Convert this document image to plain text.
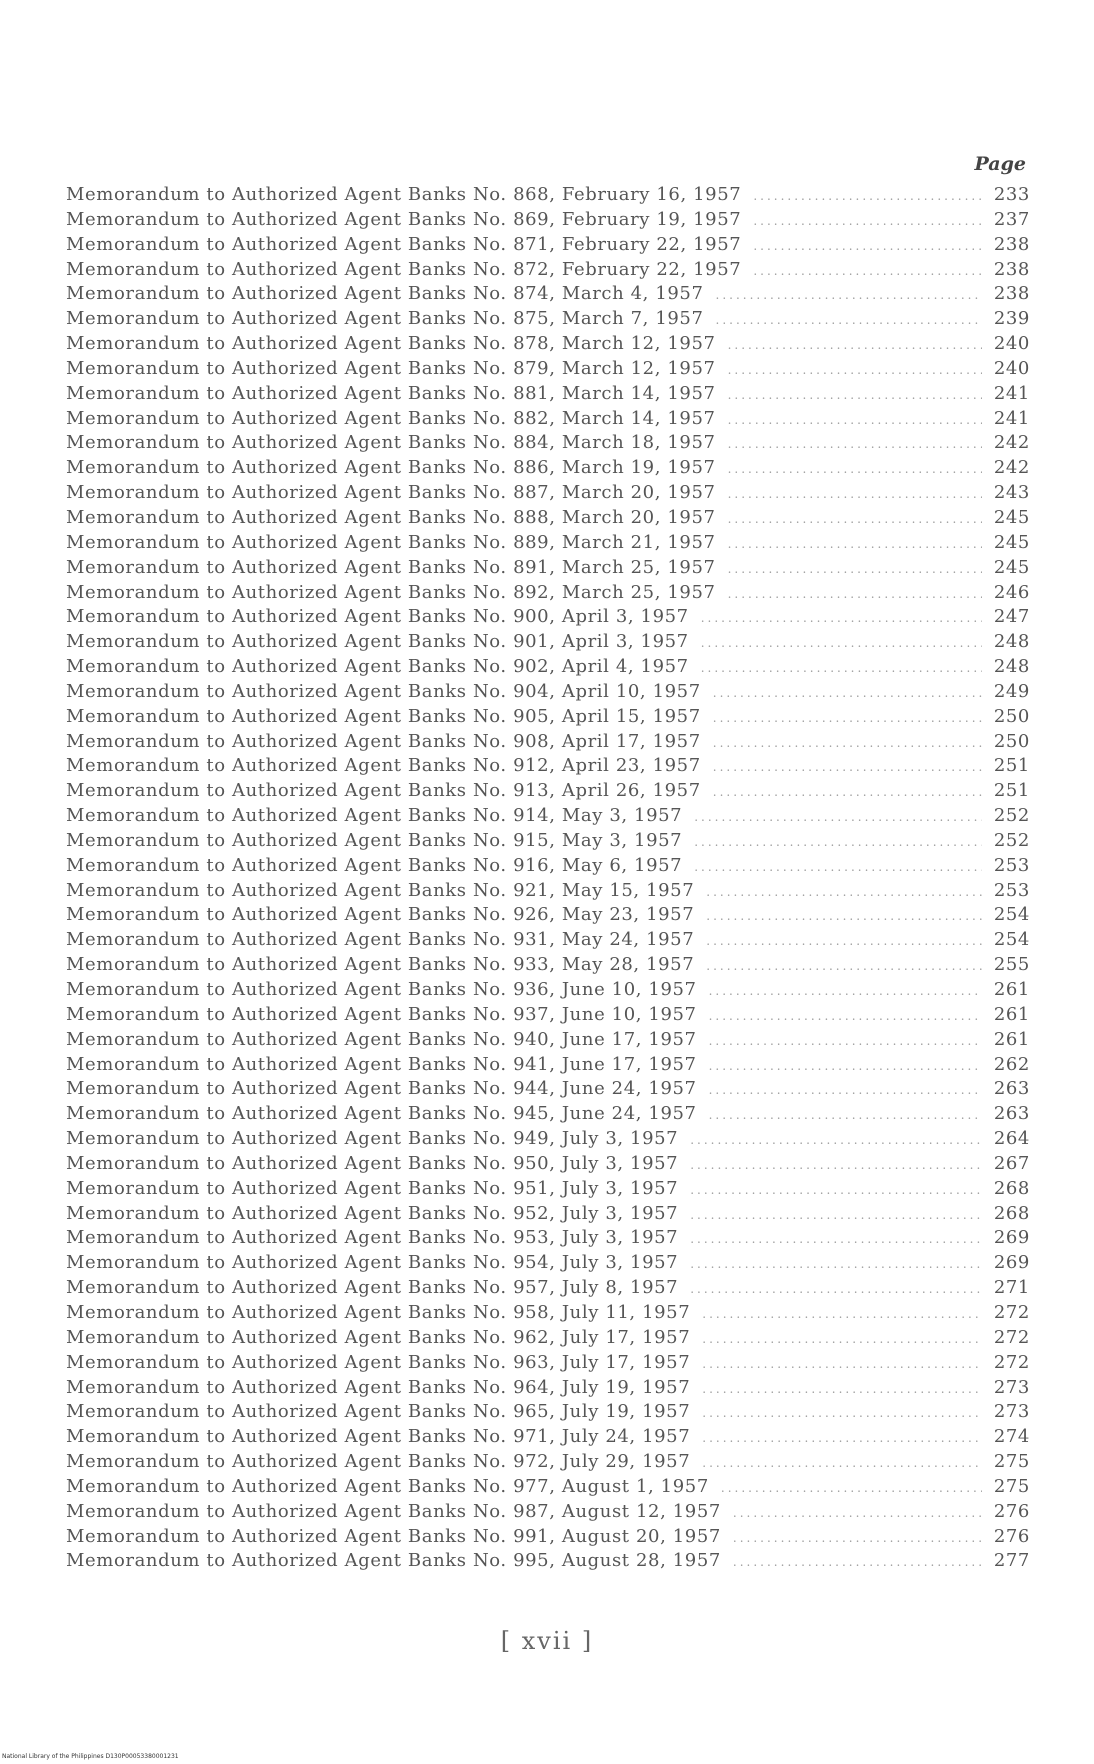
Page
Memorandum to Authorized Agent Banks No. 868, February 16, 1957 .....	233
Memorandum to Authorized Agent Banks No. 869, February 19, 1957 .....	237
Memorandum to Authorized Agent Banks No. 871, February 22, 1957 .....	238
Memorandum to Authorized Agent Banks No. 872, February 22, 1957 .....	238
Memorandum to Authorized Agent Banks No. 874, March 4, 1957 .....	238
Memorandum to Authorized Agent Banks No. 875, March 7, 1957 .....	239
Memorandum to Authorized Agent Banks No. 878, March 12, 1957 .....	240
Memorandum to Authorized Agent Banks No. 879, March 12, 1957 .....	240
Memorandum to Authorized Agent Banks No. 881, March 14, 1957 .....	241
Memorandum to Authorized Agent Banks No. 882, March 14, 1957 .....	241
Memorandum to Authorized Agent Banks No. 884, March 18, 1957 .....	242
Memorandum to Authorized Agent Banks No. 886, March 19, 1957 .....	242
Memorandum to Authorized Agent Banks No. 887, March 20, 1957 .....	243
Memorandum to Authorized Agent Banks No. 888, March 20, 1957 .....	245
Memorandum to Authorized Agent Banks No. 889, March 21, 1957 .....	245
Memorandum to Authorized Agent Banks No. 891, March 25, 1957 .....	245
Memorandum to Authorized Agent Banks No. 892, March 25, 1957 .....	246
Memorandum to Authorized Agent Banks No. 900, April 3, 1957 .....	247
Memorandum to Authorized Agent Banks No. 901, April 3, 1957 .....	248
Memorandum to Authorized Agent Banks No. 902, April 4, 1957 .....	248
Memorandum to Authorized Agent Banks No. 904, April 10, 1957 .....	249
Memorandum to Authorized Agent Banks No. 905, April 15, 1957 .....	250
Memorandum to Authorized Agent Banks No. 908, April 17, 1957 .....	250
Memorandum to Authorized Agent Banks No. 912, April 23, 1957 .....	251
Memorandum to Authorized Agent Banks No. 913, April 26, 1957 .....	251
Memorandum to Authorized Agent Banks No. 914, May 3, 1957 .....	252
Memorandum to Authorized Agent Banks No. 915, May 3, 1957 .....	252
Memorandum to Authorized Agent Banks No. 916, May 6, 1957 .....	253
Memorandum to Authorized Agent Banks No. 921, May 15, 1957 .....	253
Memorandum to Authorized Agent Banks No. 926, May 23, 1957 .....	254
Memorandum to Authorized Agent Banks No. 931, May 24, 1957 .....	254
Memorandum to Authorized Agent Banks No. 933, May 28, 1957 .....	255
Memorandum to Authorized Agent Banks No. 936, June 10, 1957 .....	261
Memorandum to Authorized Agent Banks No. 937, June 10, 1957 .....	261
Memorandum to Authorized Agent Banks No. 940, June 17, 1957 .....	261
Memorandum to Authorized Agent Banks No. 941, June 17, 1957 .....	262
Memorandum to Authorized Agent Banks No. 944, June 24, 1957 .....	263
Memorandum to Authorized Agent Banks No. 945, June 24, 1957 .....	263
Memorandum to Authorized Agent Banks No. 949, July 3, 1957 .....	264
Memorandum to Authorized Agent Banks No. 950, July 3, 1957 .....	267
Memorandum to Authorized Agent Banks No. 951, July 3, 1957 .....	268
Memorandum to Authorized Agent Banks No. 952, July 3, 1957 .....	268
Memorandum to Authorized Agent Banks No. 953, July 3, 1957 .....	269
Memorandum to Authorized Agent Banks No. 954, July 3, 1957 .....	269
Memorandum to Authorized Agent Banks No. 957, July 8, 1957 .....	271
Memorandum to Authorized Agent Banks No. 958, July 11, 1957 .....	272
Memorandum to Authorized Agent Banks No. 962, July 17, 1957 .....	272
Memorandum to Authorized Agent Banks No. 963, July 17, 1957 .....	272
Memorandum to Authorized Agent Banks No. 964, July 19, 1957 .....	273
Memorandum to Authorized Agent Banks No. 965, July 19, 1957 .....	273
Memorandum to Authorized Agent Banks No. 971, July 24, 1957 .....	274
Memorandum to Authorized Agent Banks No. 972, July 29, 1957 .....	275
Memorandum to Authorized Agent Banks No. 977, August 1, 1957 .....	275
Memorandum to Authorized Agent Banks No. 987, August 12, 1957 .....	276
Memorandum to Authorized Agent Banks No. 991, August 20, 1957 .....	276
Memorandum to Authorized Agent Banks No. 995, August 28, 1957 .....	277
[ xvii ]
National Library of the Philippines D130P00053380001231
